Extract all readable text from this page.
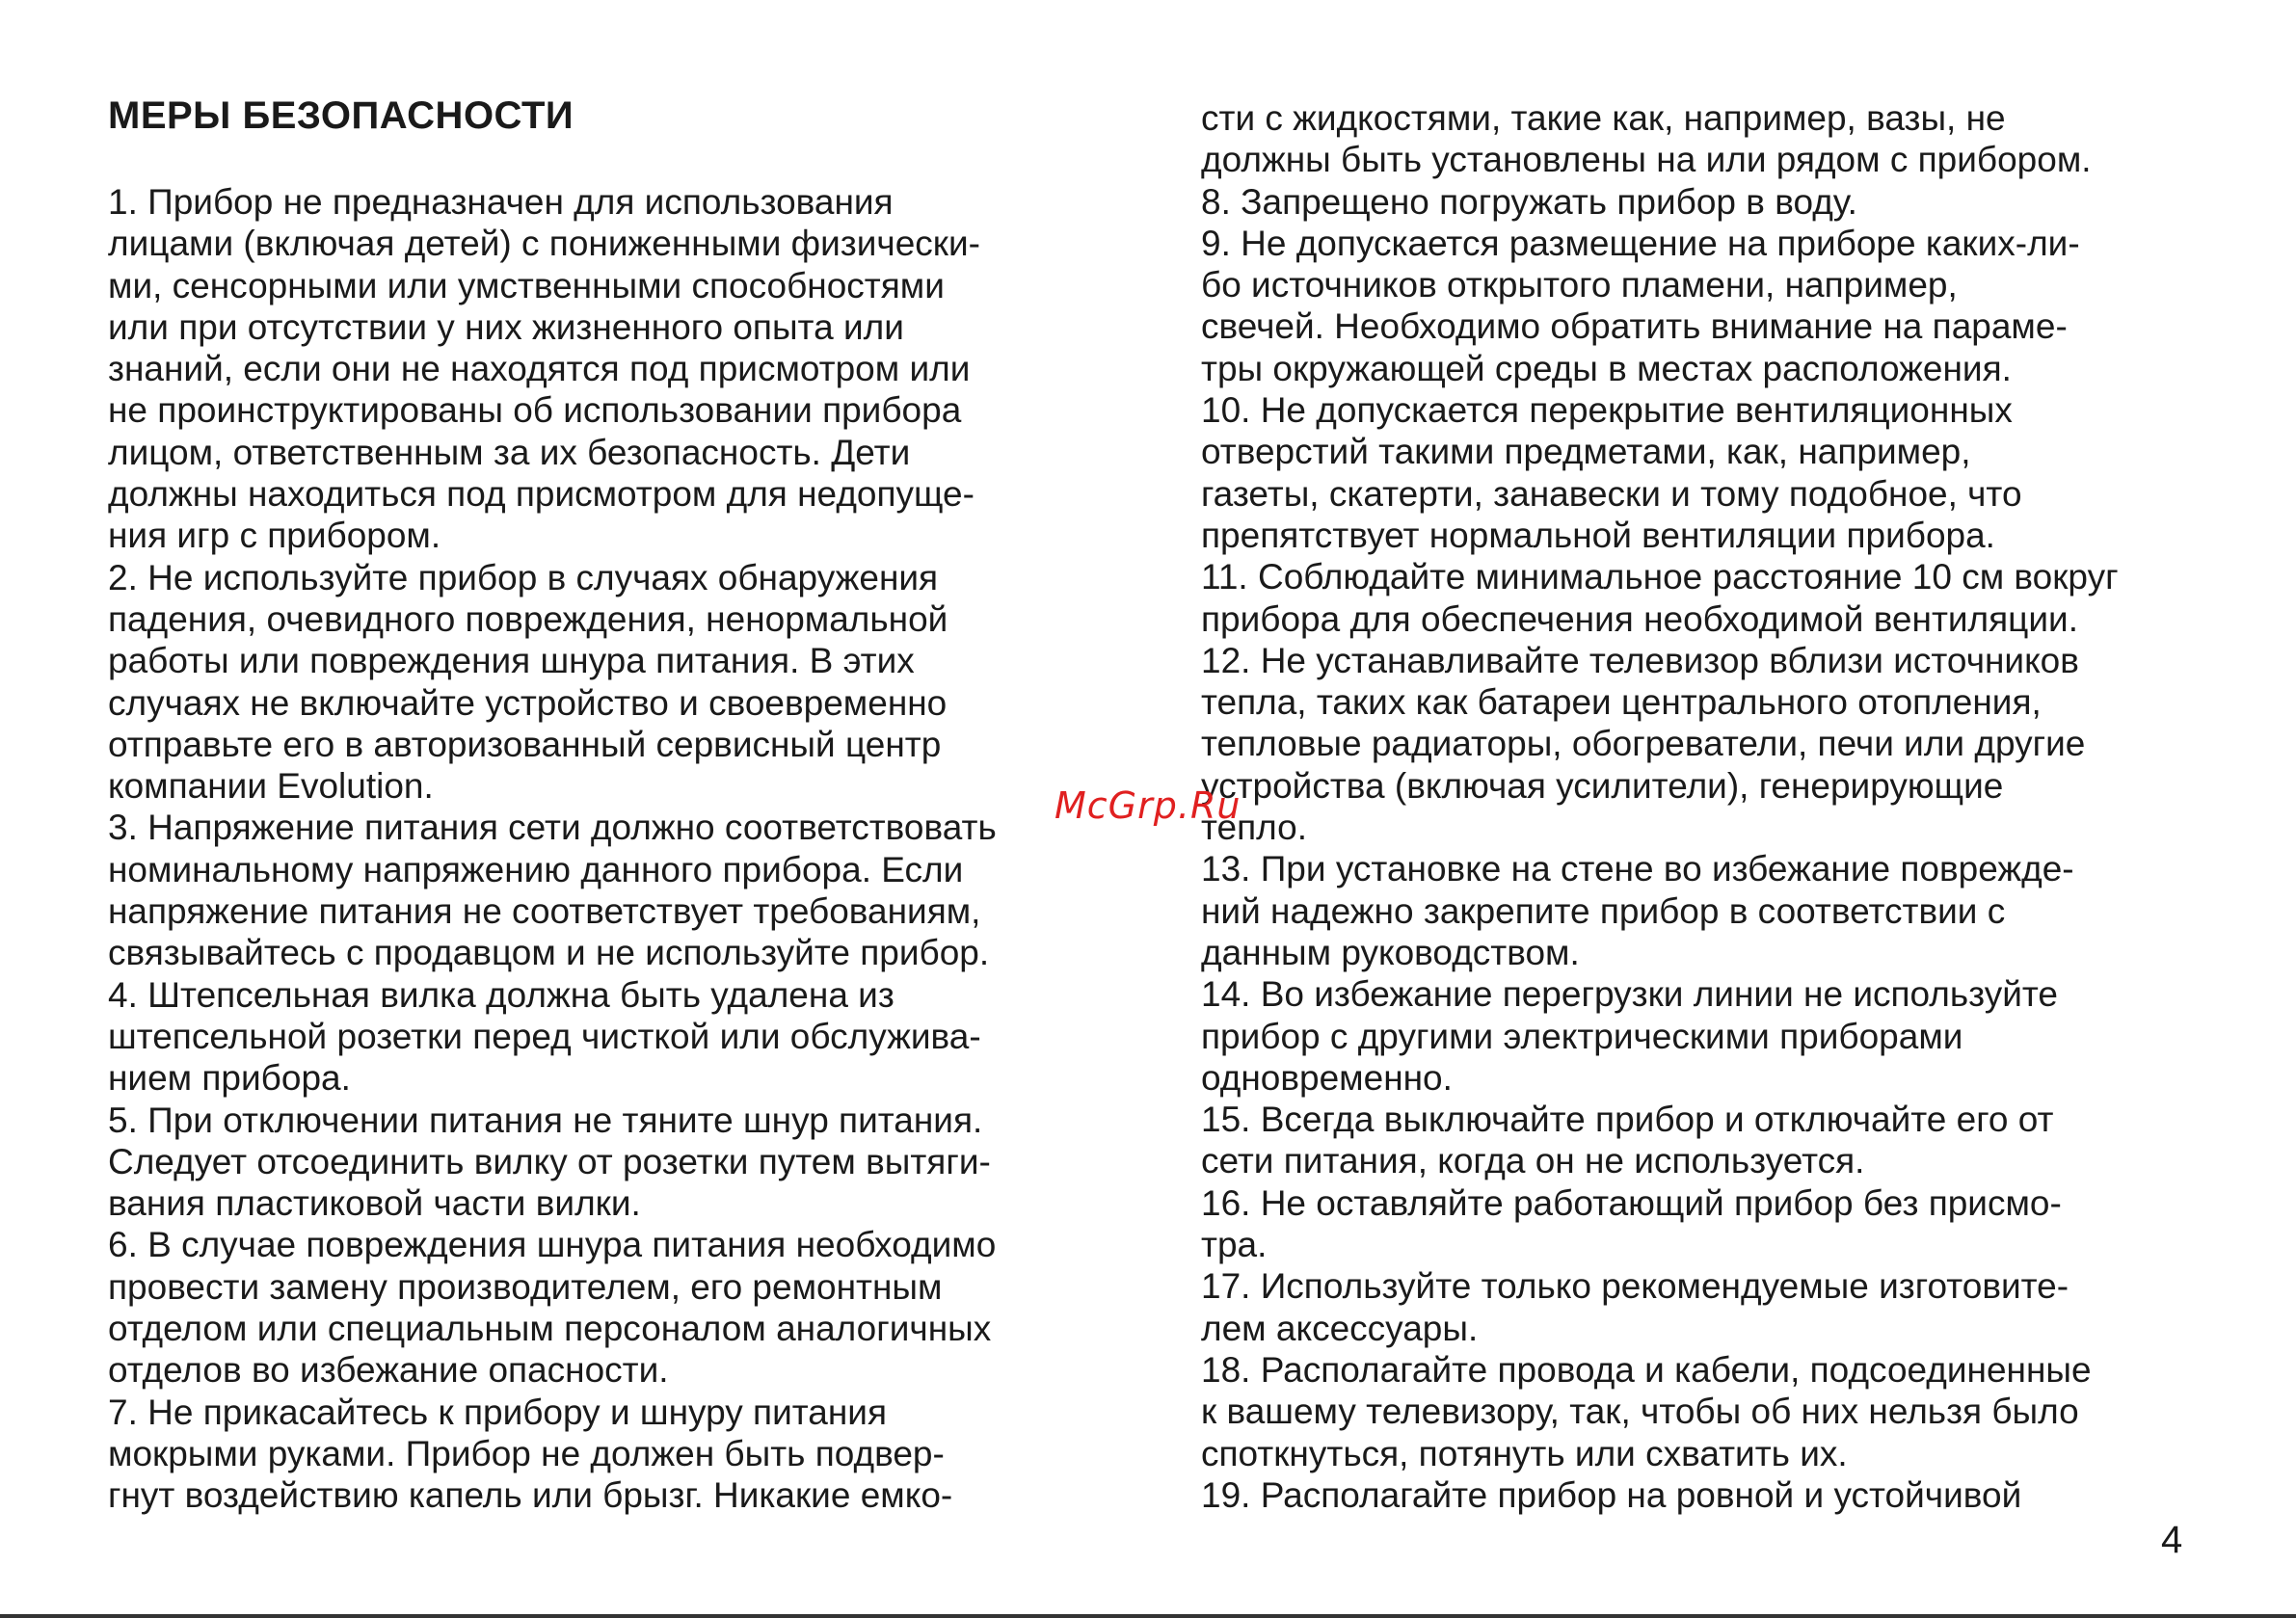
МЕРЫ БЕЗОПАСНОСТИ
1. Прибор не предназначен для использования
лицами (включая детей) с пониженными физически-
ми, сенсорными или умственными способностями
или при отсутствии у них жизненного опыта или
знаний, если они не находятся под присмотром или
не проинструктированы об использовании прибора
лицом, ответственным за их безопасность. Дети
должны находиться под присмотром для недопуще-
ния игр с прибором.
2. Не используйте прибор в случаях обнаружения
падения, очевидного повреждения, ненормальной
работы или повреждения шнура питания. В этих
случаях не включайте устройство и своевременно
отправьте его в авторизованный сервисный центр
компании Evolution.
3. Напряжение питания сети должно соответствовать
номинальному напряжению данного прибора. Если
напряжение питания не соответствует требованиям,
связывайтесь с продавцом и не используйте прибор.
4. Штепсельная вилка должна быть удалена из
штепсельной розетки перед чисткой или обслужива-
нием прибора.
5. При отключении питания не тяните шнур питания.
Следует отсоединить вилку от розетки путем вытяги-
вания пластиковой части вилки.
6. В случае повреждения шнура питания необходимо
провести замену производителем, его ремонтным
отделом или специальным персоналом аналогичных
отделов во избежание опасности.
7. Не прикасайтесь к прибору и шнуру питания
мокрыми руками. Прибор не должен быть подвер-
гнут воздействию капель или брызг. Никакие емко-
сти с жидкостями, такие как, например, вазы, не
должны быть установлены на или рядом с прибором.
8. Запрещено погружать прибор в воду.
9. Не допускается размещение на приборе каких-ли-
бо источников открытого пламени, например,
свечей. Необходимо обратить внимание на параме-
тры окружающей среды в местах расположения.
10. Не допускается перекрытие вентиляционных
отверстий такими предметами, как, например,
газеты, скатерти, занавески и тому подобное, что
препятствует нормальной вентиляции прибора.
11. Соблюдайте минимальное расстояние 10 см вокруг
прибора для обеспечения необходимой вентиляции.
12. Не устанавливайте телевизор вблизи источников
тепла, таких как батареи центрального отопления,
тепловые радиаторы, обогреватели, печи или другие
устройства (включая усилители), генерирующие
тепло.
13. При установке на стене во избежание поврежде-
ний надежно закрепите прибор в соответствии с
данным руководством.
14. Во избежание перегрузки линии не используйте
прибор с другими электрическими приборами
одновременно.
15. Всегда выключайте прибор и отключайте его от
сети питания, когда он не используется.
16. Не оставляйте работающий прибор без присмо-
тра.
17. Используйте только рекомендуемые изготовите-
лем аксессуары.
18. Располагайте провода и кабели, подсоединенные
к вашему телевизору, так, чтобы об них нельзя было
споткнуться, потянуть или схватить их.
19. Располагайте прибор на ровной и устойчивой
McGrp.Ru
4
